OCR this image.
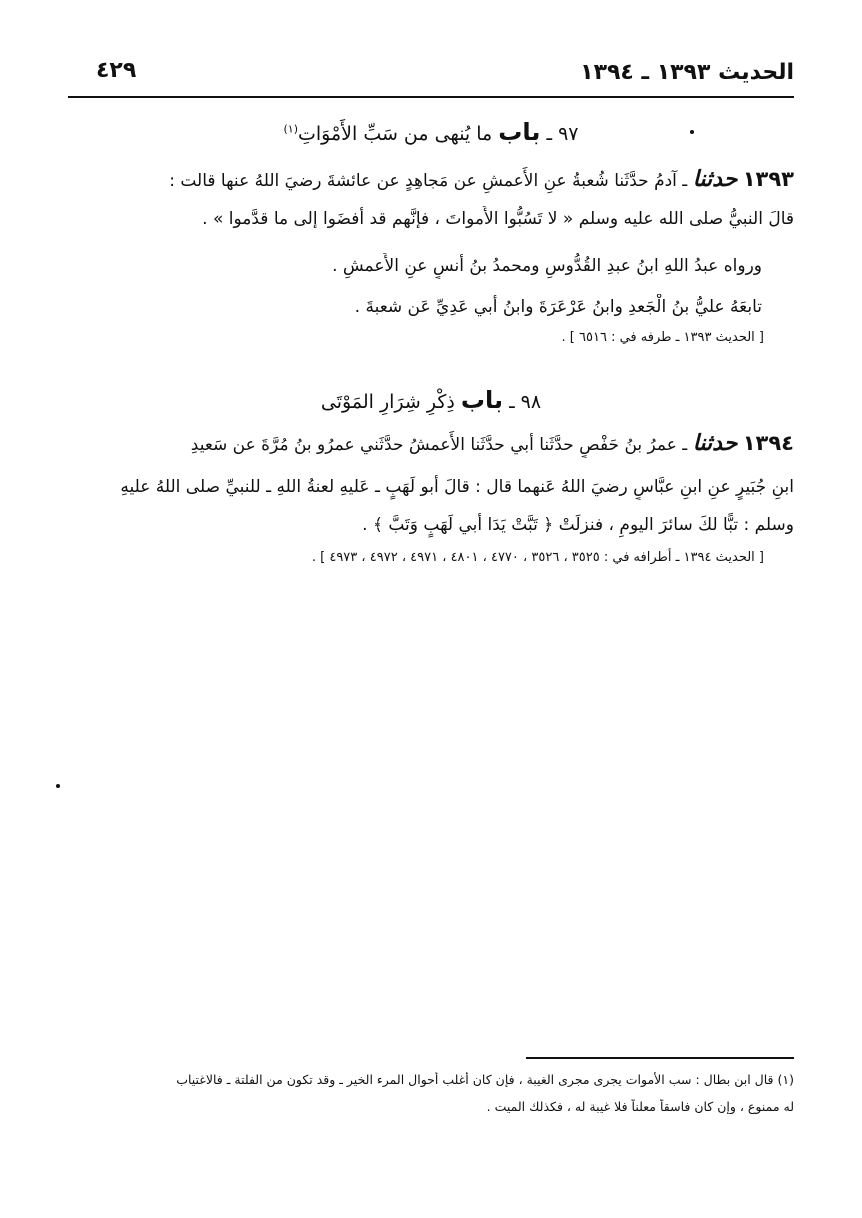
الحديث ١٣٩٣ ـ ١٣٩٤
٤٢٩
٩٧ ـ باب ما يُنهى من سَبِّ الأَمْوَاتِ$^{(١)}$
١٣٩٣ حدثنا ـ آدمُ حدَّثَنا شُعبةُ عنِ الأَعمشِ عن مَجاهِدٍ عن عائشةَ رضيَ اللهُ عنها قالت :
قالَ النبيُّ صلى الله عليه وسلم « لا تَسُبُّوا الأَمواتَ ، فإنَّهم قد أفضَوا إلى ما قدَّموا » .
ورواه عبدُ اللهِ ابنُ عبدِ القُدُّوسِ ومحمدُ بنُ أنسٍ عنِ الأَعمشِ .
تابعَهُ عليُّ بنُ الْجَعدِ وابنُ عَرْعَرَةَ وابنُ أبي عَدِيِّ عَن شعبةَ .
[ الحديث ١٣٩٣ ـ طرفه في : ٦٥١٦ ] .
٩٨ ـ باب ذِكْرِ شِرَارِ المَوْتَى
١٣٩٤ حدثنا ـ عمرُ بنُ حَفْصٍ حدَّثَنا أبي حدَّثَنا الأَعمشُ حدَّثَني عمرُو بنُ مُرَّةَ عن سَعيدِ
ابنِ جُبَيرٍ عنِ ابنِ عبَّاسٍ رضيَ اللهُ عَنهما قال : قالَ أبو لَهَبٍ ـ عَليهِ لعنةُ اللهِ ـ للنبيِّ صلى اللهُ عليهِ
وسلم : تبًّا لكَ سائرَ اليومِ ، فنزلَتْ ﴿ تَبَّتْ يَدَا أبي لَهَبٍ وَتَبَّ ﴾ .
[ الحديث ١٣٩٤ ـ أطرافه في : ٣٥٢٥ ، ٣٥٢٦ ، ٤٧٧٠ ، ٤٨٠١ ، ٤٩٧١ ، ٤٩٧٢ ، ٤٩٧٣ ] .
(١) قال ابن بطال : سب الأموات يجرى مجرى الغيبة ، فإن كان أغلب أحوال المرء الخير ـ وقد تكون من الفلتة ـ فالاغتياب
له ممنوع ، وإن كان فاسقاً معلناً فلا غيبة له ، فكذلك الميت .
